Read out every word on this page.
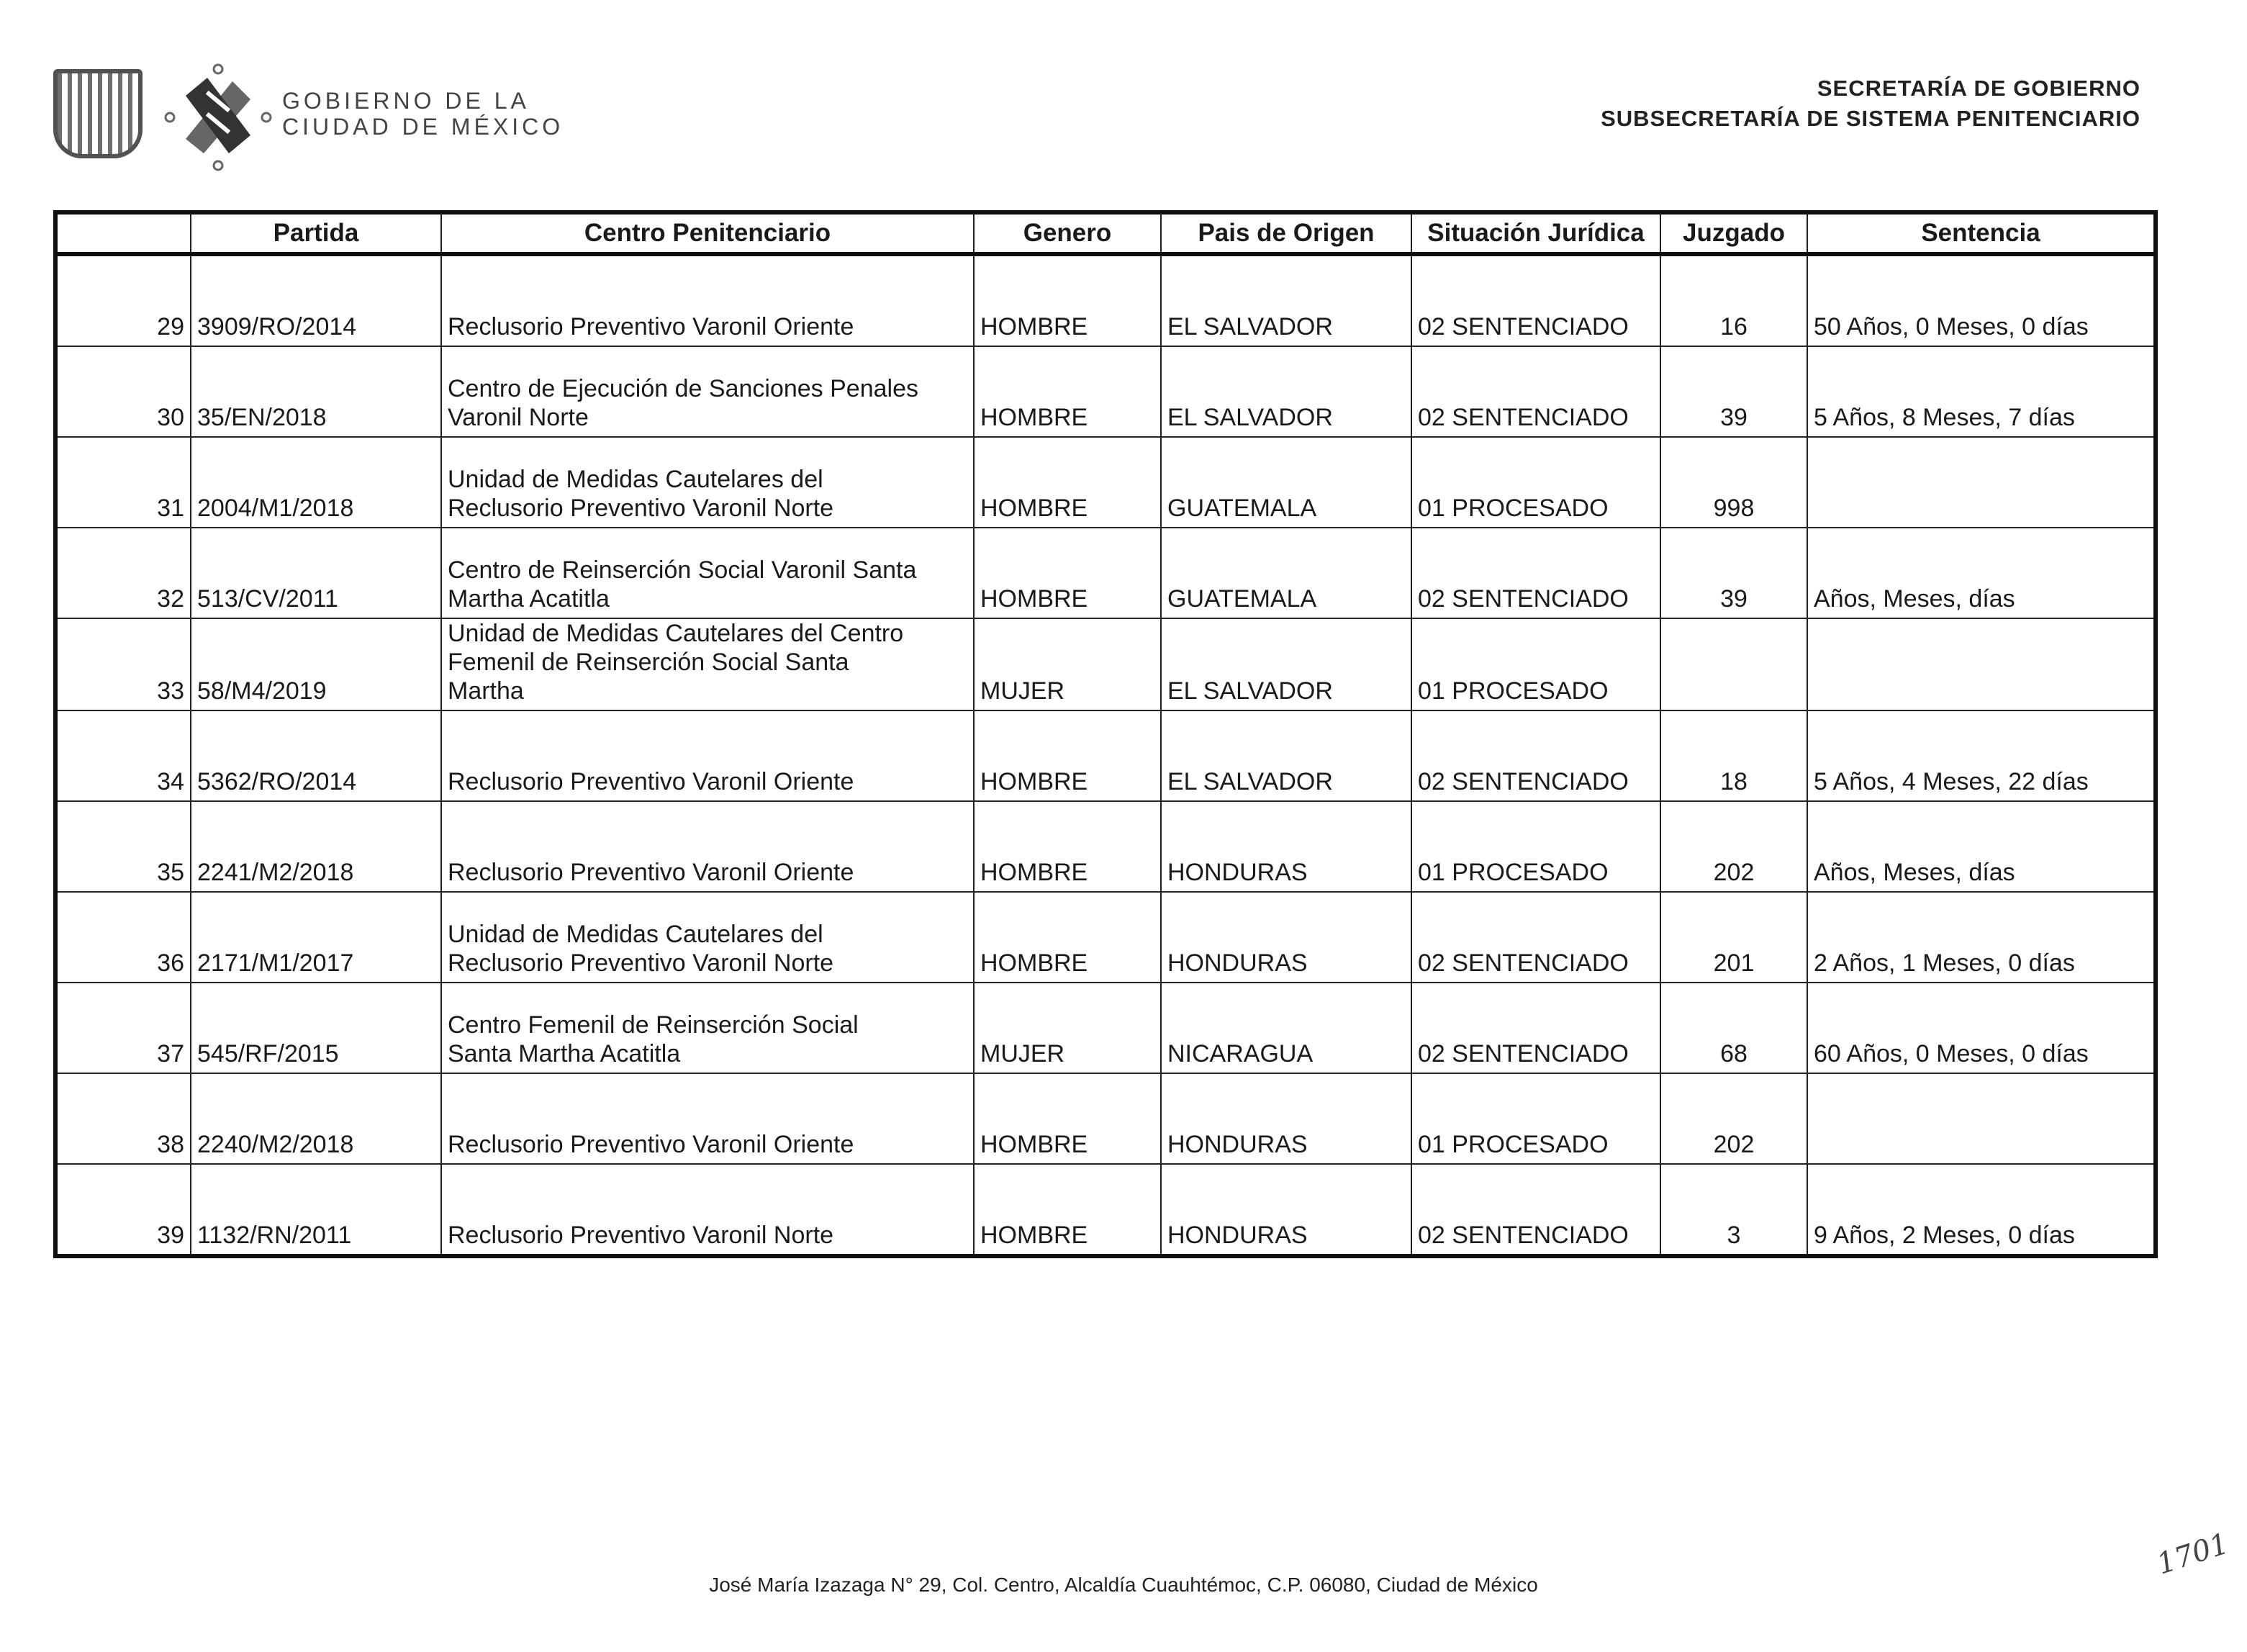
GOBIERNO DE LA
CIUDAD DE MÉXICO
SECRETARÍA DE GOBIERNO
SUBSECRETARÍA DE SISTEMA PENITENCIARIO
	Partida	Centro Penitenciario	Genero	Pais de Origen	Situación Jurídica	Juzgado	Sentencia
29	3909/RO/2014	Reclusorio Preventivo Varonil Oriente	HOMBRE	EL SALVADOR	02 SENTENCIADO	16	50 Años, 0 Meses, 0 días
30	35/EN/2018	Centro de Ejecución de Sanciones Penales
Varonil Norte	HOMBRE	EL SALVADOR	02 SENTENCIADO	39	5 Años, 8 Meses, 7 días
31	2004/M1/2018	Unidad de Medidas Cautelares del
Reclusorio Preventivo Varonil Norte	HOMBRE	GUATEMALA	01 PROCESADO	998	
32	513/CV/2011	Centro de Reinserción Social Varonil Santa
Martha Acatitla	HOMBRE	GUATEMALA	02 SENTENCIADO	39	Años, Meses, días
33	58/M4/2019	Unidad de Medidas Cautelares del Centro
Femenil de Reinserción Social Santa
Martha	MUJER	EL SALVADOR	01 PROCESADO		
34	5362/RO/2014	Reclusorio Preventivo Varonil Oriente	HOMBRE	EL SALVADOR	02 SENTENCIADO	18	5 Años, 4 Meses, 22 días
35	2241/M2/2018	Reclusorio Preventivo Varonil Oriente	HOMBRE	HONDURAS	01 PROCESADO	202	Años, Meses, días
36	2171/M1/2017	Unidad de Medidas Cautelares del
Reclusorio Preventivo Varonil Norte	HOMBRE	HONDURAS	02 SENTENCIADO	201	2 Años, 1 Meses, 0 días
37	545/RF/2015	Centro Femenil de Reinserción Social
Santa Martha Acatitla	MUJER	NICARAGUA	02 SENTENCIADO	68	60 Años, 0 Meses, 0 días
38	2240/M2/2018	Reclusorio Preventivo Varonil Oriente	HOMBRE	HONDURAS	01 PROCESADO	202	
39	1132/RN/2011	Reclusorio Preventivo Varonil Norte	HOMBRE	HONDURAS	02 SENTENCIADO	3	9 Años, 2 Meses, 0 días
José María Izazaga N° 29, Col. Centro, Alcaldía Cuauhtémoc, C.P. 06080, Ciudad de México
1701
